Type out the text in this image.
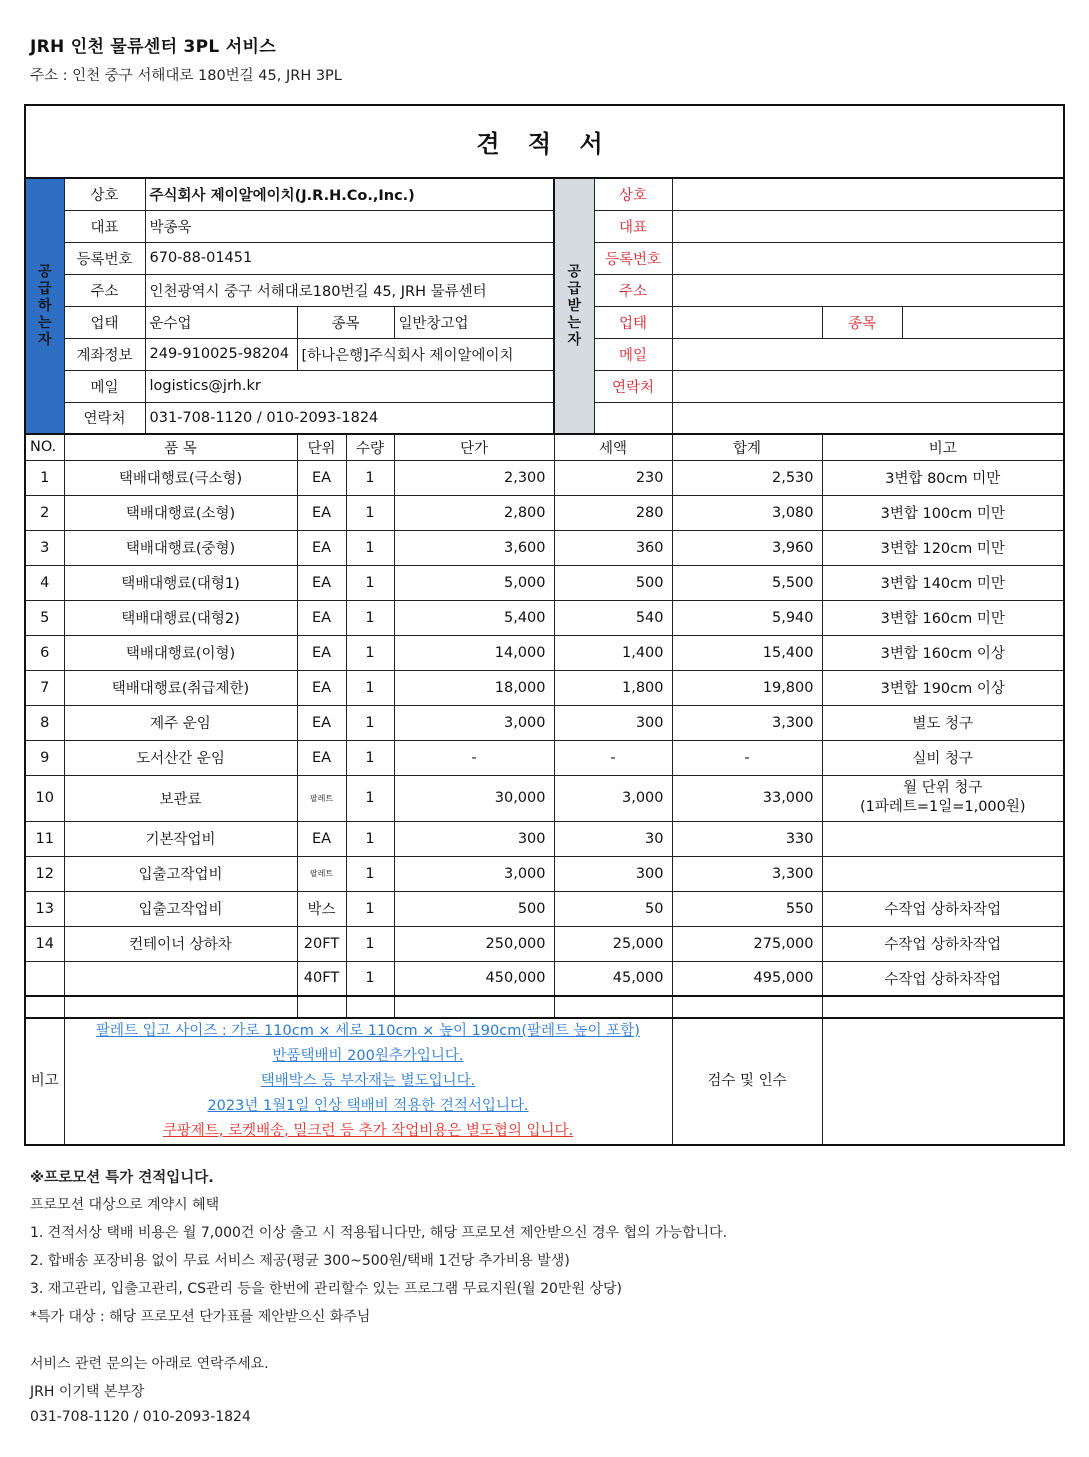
JRH 인천 물류센터 3PL 서비스
주소 : 인천 중구 서해대로 180번길 45, JRH 3PL
견 적 서										
공급하는자	상호	주식회사 제이알에이치(J.R.H.Co.,Inc.)				공급받는자	상호			
	대표	박종욱					대표			
	등록번호	670-88-01451					등록번호			
	주소	인천광역시 중구 서해대로180번길 45, JRH 물류센터					주소			
	업태	운수업	종목		일반창고업		업태		종목	
	계좌정보	249-910025-98204	[하나은행]주식회사 제이알에이치				메일			
	메일	logistics@jrh.kr					연락처			
	연락처	031-708-1120 / 010-2093-1824								
NO.	품 목		단위	수량	단가	세액		합계	비고	
1	택배대행료(극소형)		EA	1	2,300	230		2,530	3변합 80cm 미만	
2	택배대행료(소형)		EA	1	2,800	280		3,080	3변합 100cm 미만	
3	택배대행료(중형)		EA	1	3,600	360		3,960	3변합 120cm 미만	
4	택배대행료(대형1)		EA	1	5,000	500		5,500	3변합 140cm 미만	
5	택배대행료(대형2)		EA	1	5,400	540		5,940	3변합 160cm 미만	
6	택배대행료(이형)		EA	1	14,000	1,400		15,400	3변합 160cm 이상	
7	택배대행료(취급제한)		EA	1	18,000	1,800		19,800	3변합 190cm 이상	
8	제주 운임		EA	1	3,000	300		3,300	별도 청구	
9	도서산간 운임		EA	1	-	-		-	실비 청구	
10	보관료		팔레트	1	30,000	3,000		33,000	월 단위 청구
(1파레트=1일=1,000원)	

11	기본작업비		EA	1	300	30		330		
12	입출고작업비		팔레트	1	3,000	300		3,300		
13	입출고작업비		박스	1	500	50		550	수작업 상하차작업	
14	컨테이너 상하차		20FT	1	250,000	25,000		275,000	수작업 상하차작업	
			40FT	1	450,000	45,000		495,000	수작업 상하차작업	

비고	팔레트 입고 사이즈 : 가로 110cm × 세로 110cm × 높이 190cm(팔레트 높이 포함)
반품택배비 200원추가입니다.
택배박스 등 부자재는 별도입니다.
2023년 1월1일 인상 택배비 적용한 견적서입니다.
쿠팡제트, 로켓배송, 밀크런 등 추가 작업비용은 별도협의 입니다.							검수 및 인수		
※프로모션 특가 견적입니다.
프로모션 대상으로 계약시 혜택
1. 견적서상 택배 비용은 월 7,000건 이상 출고 시 적용됩니다만, 해당 프로모션 제안받으신 경우 협의 가능합니다.
2. 합배송 포장비용 없이 무료 서비스 제공(평균 300~500원/택배 1건당 추가비용 발생)
3. 재고관리, 입출고관리, CS관리 등을 한번에 관리할수 있는 프로그램 무료지원(월 20만원 상당)
*특가 대상 : 해당 프로모션 단가표를 제안받으신 화주님
서비스 관련 문의는 아래로 연락주세요.
JRH 이기택 본부장
031-708-1120 / 010-2093-1824
